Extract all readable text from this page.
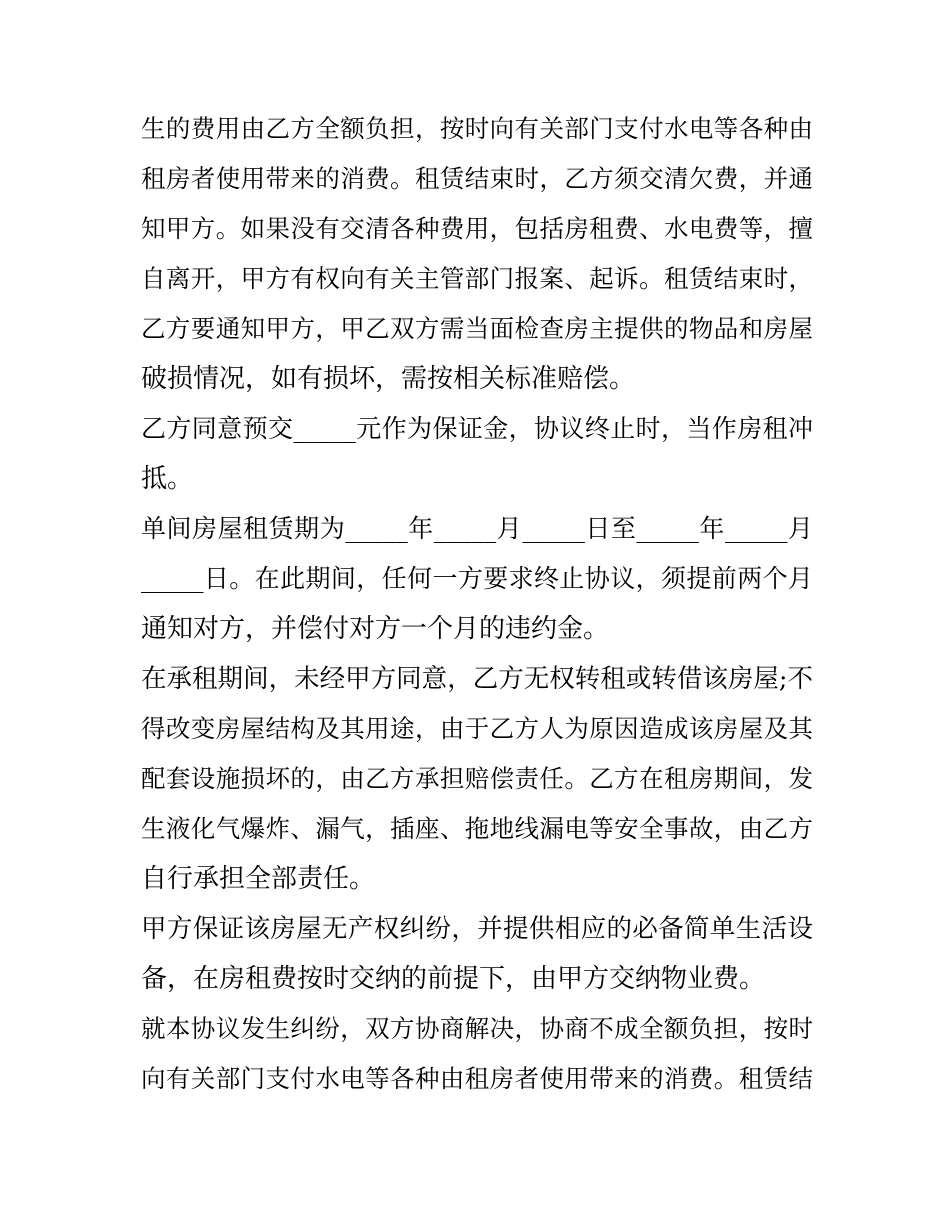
生的费用由乙方全额负担，按时向有关部门支付水电等各种由
租房者使用带来的消费。租赁结束时，乙方须交清欠费，并通
知甲方。如果没有交清各种费用，包括房租费、水电费等，擅
自离开，甲方有权向有关主管部门报案、起诉。租赁结束时，
乙方要通知甲方，甲乙双方需当面检查房主提供的物品和房屋
破损情况，如有损坏，需按相关标准赔偿。
乙方同意预交_____元作为保证金，协议终止时，当作房租冲
抵。
单间房屋租赁期为_____年_____月_____日至_____年_____月
_____日。在此期间，任何一方要求终止协议，须提前两个月
通知对方，并偿付对方一个月的违约金。
在承租期间，未经甲方同意，乙方无权转租或转借该房屋;不
得改变房屋结构及其用途，由于乙方人为原因造成该房屋及其
配套设施损坏的，由乙方承担赔偿责任。乙方在租房期间，发
生液化气爆炸、漏气，插座、拖地线漏电等安全事故，由乙方
自行承担全部责任。
甲方保证该房屋无产权纠纷，并提供相应的必备简单生活设
备，在房租费按时交纳的前提下，由甲方交纳物业费。
就本协议发生纠纷，双方协商解决，协商不成全额负担，按时
向有关部门支付水电等各种由租房者使用带来的消费。租赁结
